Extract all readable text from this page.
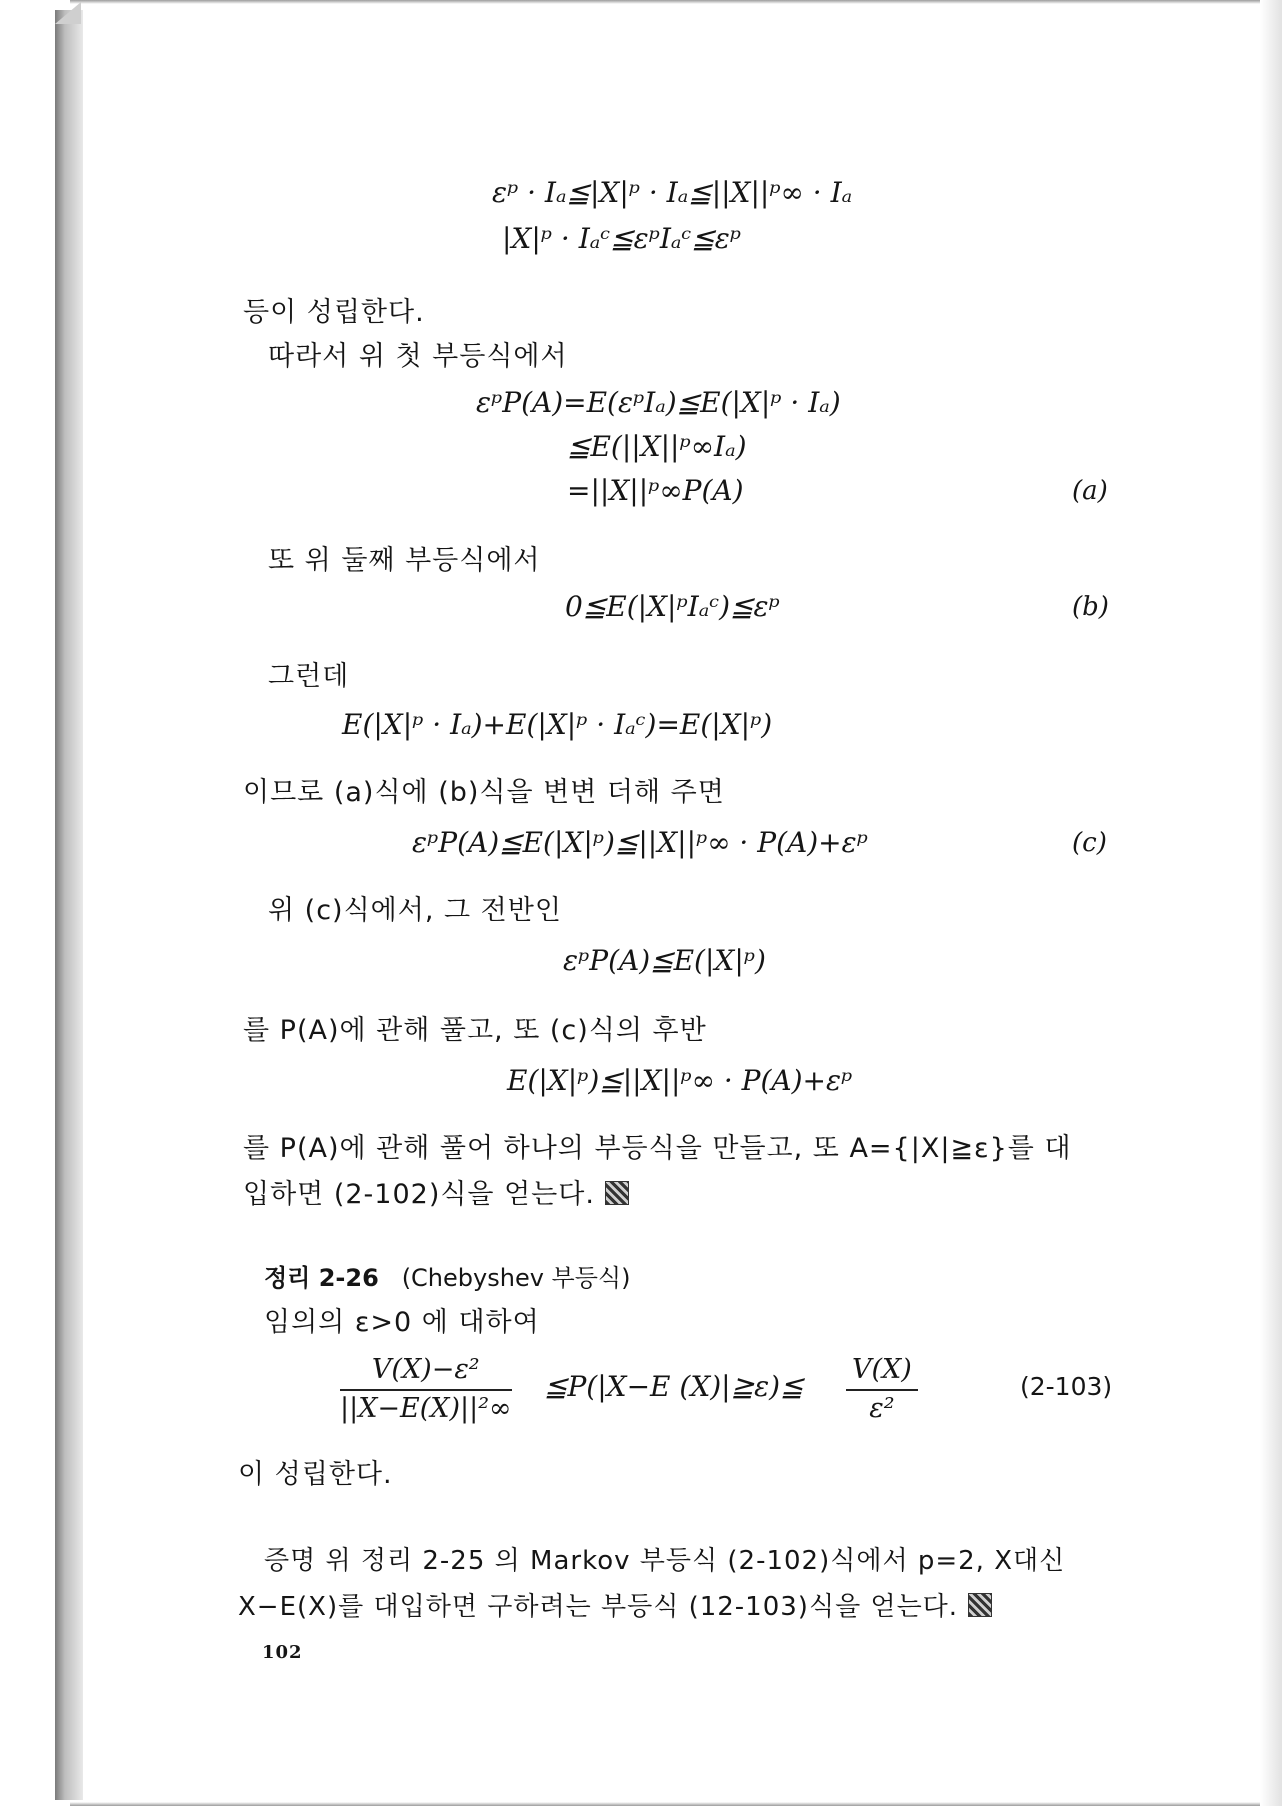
εᵖ · Iₐ≦|X|ᵖ · Iₐ≦||X||ᵖ∞ · Iₐ
|X|ᵖ · Iₐᶜ≦εᵖIₐᶜ≦εᵖ
등이 성립한다.
따라서 위 첫 부등식에서
εᵖP(A)=E(εᵖIₐ)≦E(|X|ᵖ · Iₐ)
≦E(||X||ᵖ∞Iₐ)
=||X||ᵖ∞P(A)	(a)
또 위 둘째 부등식에서
0≦E(|X|ᵖIₐᶜ)≦εᵖ	(b)
그런데
E(|X|ᵖ · Iₐ)+E(|X|ᵖ · Iₐᶜ)=E(|X|ᵖ)
이므로 (a)식에 (b)식을 변변 더해 주면
εᵖP(A)≦E(|X|ᵖ)≦||X||ᵖ∞ · P(A)+εᵖ	(c)
위 (c)식에서, 그 전반인
εᵖP(A)≦E(|X|ᵖ)
를 P(A)에 관해 풀고, 또 (c)식의 후반
E(|X|ᵖ)≦||X||ᵖ∞ · P(A)+εᵖ
를 P(A)에 관해 풀어 하나의 부등식을 만들고, 또 A={|X|≧ε}를 대
입하면 (2-102)식을 얻는다.
정리 2-26 (Chebyshev 부등식)
임의의 ε>0 에 대하여
$\frac{\text{V(X)−ε²}}{\text{||X−E(X)||²∞}}$ ≦P(|X−E (X)|≧ε)≦ $\frac{V(X)}{\text{ε²}}$	(2-103)
이 성립한다.
증명 위 정리 2-25 의 Markov 부등식 (2-102)식에서 p=2, X대신
X−E(X)를 대입하면 구하려는 부등식 (12-103)식을 얻는다.
102
